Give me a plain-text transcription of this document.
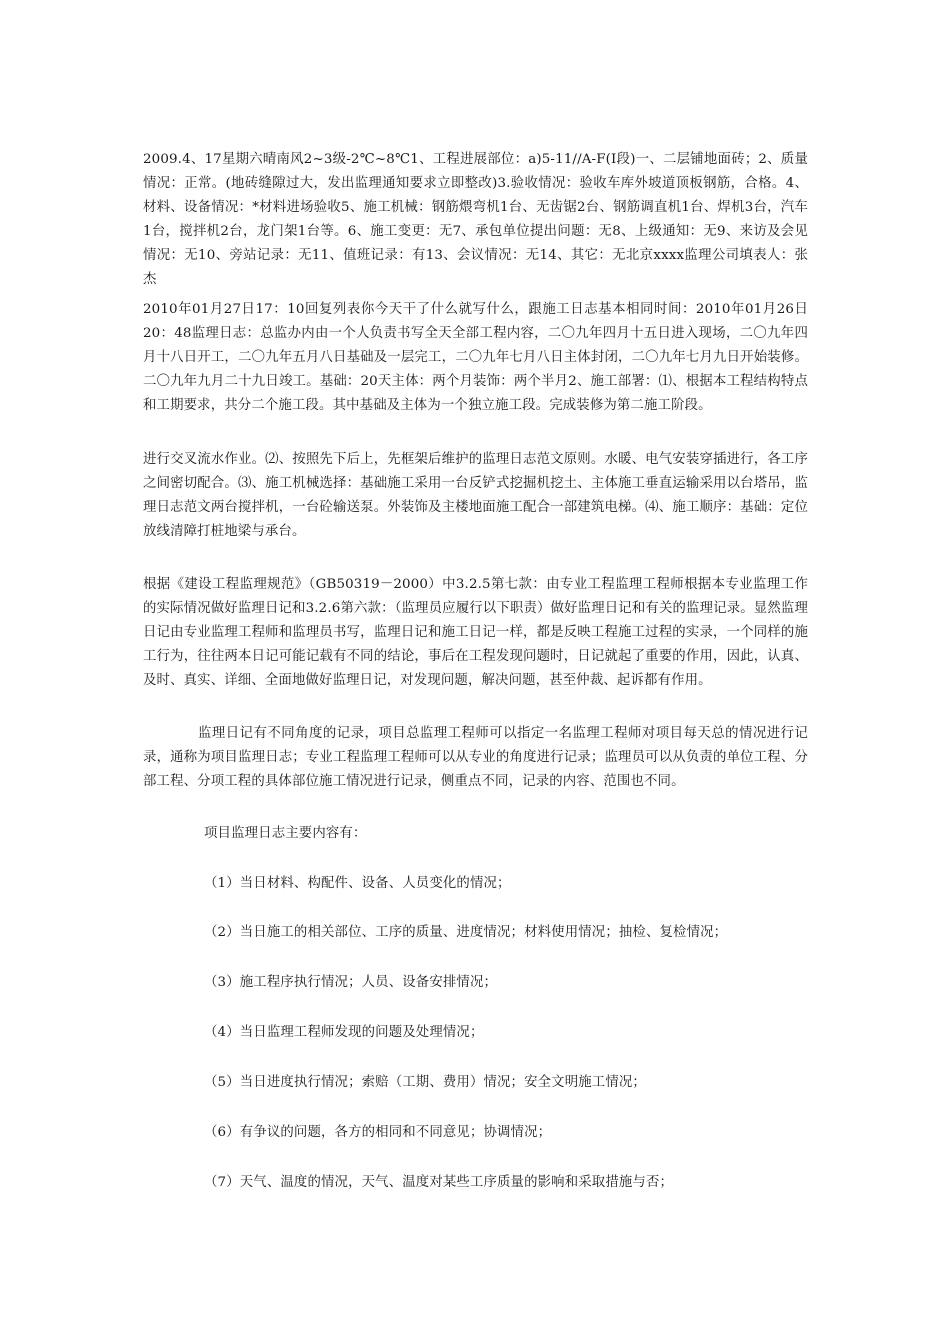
2009.4、17星期六晴南风2~3级-2℃~8℃1、工程进展部位：a)5-11//A-F(I段)一、二层铺地面砖；2、质量情况：正常。(地砖缝隙过大，发出监理通知要求立即整改)3.验收情况：验收车库外坡道顶板钢筋，合格。4、材料、设备情况：*材料进场验收5、施工机械：钢筋煨弯机1台、无齿锯2台、钢筋调直机1台、焊机3台，汽车1台，搅拌机2台，龙门架1台等。6、施工变更：无7、承包单位提出问题：无8、上级通知：无9、来访及会见情况：无10、旁站记录：无11、值班记录：有13、会议情况：无14、其它：无北京xxxx监理公司填表人：张杰

2010年01月27日17：10回复列表你今天干了什么就写什么，跟施工日志基本相同时间：2010年01月26日20：48监理日志：总监办内由一个人负责书写全天全部工程内容，二〇九年四月十五日进入现场，二〇九年四月十八日开工，二〇九年五月八日基础及一层完工，二〇九年七月八日主体封闭，二〇九年七月九日开始装修。二〇九年九月二十九日竣工。基础：20天主体：两个月装饰：两个半月2、施工部署：⑴、根据本工程结构特点和工期要求，共分二个施工段。其中基础及主体为一个独立施工段。完成装修为第二施工阶段。

进行交叉流水作业。⑵、按照先下后上，先框架后维护的监理日志范文原则。水暖、电气安装穿插进行，各工序之间密切配合。⑶、施工机械选择：基础施工采用一台反铲式挖掘机挖土、主体施工垂直运输采用以台塔吊，监理日志范文两台搅拌机，一台砼输送泵。外装饰及主楼地面施工配合一部建筑电梯。⑷、施工顺序：基础：定位放线清障打桩地梁与承台。

根据《建设工程监理规范》（GB50319－2000）中3.2.5第七款：由专业工程监理工程师根据本专业监理工作的实际情况做好监理日记和3.2.6第六款：（监理员应履行以下职责）做好监理日记和有关的监理记录。显然监理日记由专业监理工程师和监理员书写，监理日记和施工日记一样，都是反映工程施工过程的实录，一个同样的施工行为，往往两本日记可能记载有不同的结论，事后在工程发现问题时，日记就起了重要的作用，因此，认真、及时、真实、详细、全面地做好监理日记，对发现问题，解决问题，甚至仲裁、起诉都有作用。

监理日记有不同角度的记录，项目总监理工程师可以指定一名监理工程师对项目每天总的情况进行记录，通称为项目监理日志；专业工程监理工程师可以从专业的角度进行记录；监理员可以从负责的单位工程、分部工程、分项工程的具体部位施工情况进行记录，侧重点不同，记录的内容、范围也不同。

项目监理日志主要内容有：

（1）当日材料、构配件、设备、人员变化的情况；

（2）当日施工的相关部位、工序的质量、进度情况；材料使用情况；抽检、复检情况；

（3）施工程序执行情况；人员、设备安排情况；

（4）当日监理工程师发现的问题及处理情况；

（5）当日进度执行情况；索赔（工期、费用）情况；安全文明施工情况；

（6）有争议的问题，各方的相同和不同意见；协调情况；

（7）天气、温度的情况，天气、温度对某些工序质量的影响和采取措施与否；
